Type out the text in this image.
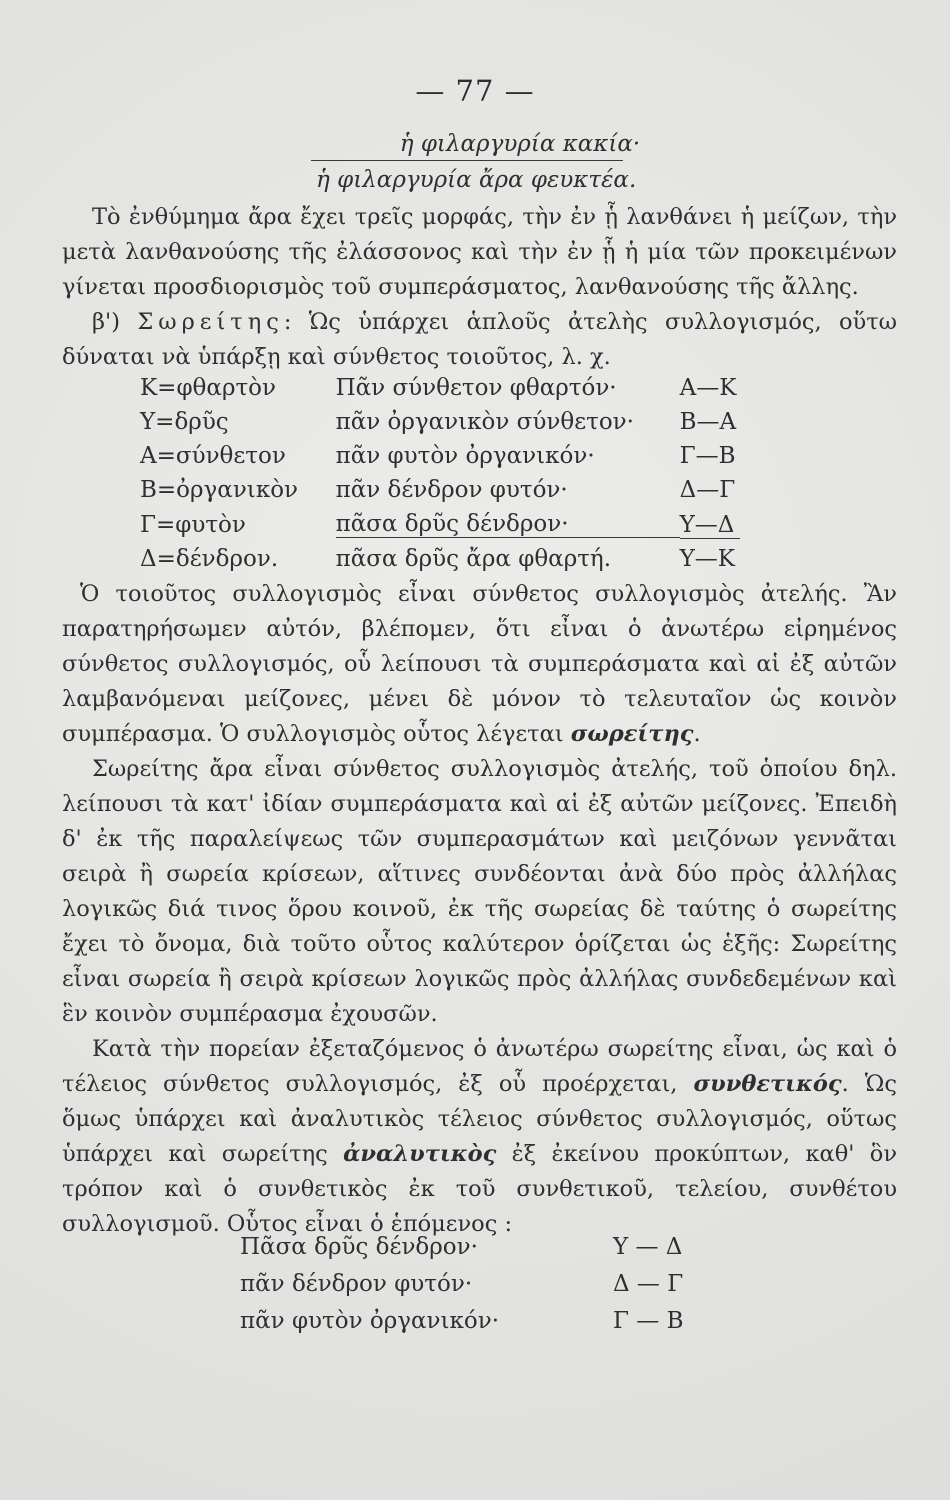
— 77 —
ἡ φιλαργυρία κακία·
ἡ φιλαργυρία ἄρα φευκτέα.

Τὸ ἐνθύμημα ἄρα ἔχει τρεῖς μορφάς, τὴν ἐν ᾗ λανθάνει ἡ μείζων, τὴν μετὰ λανθανούσης τῆς ἐλάσσονος καὶ τὴν ἐν ᾗ ἡ μία τῶν προκειμένων γίνεται προσδιορισμὸς τοῦ συμπεράσματος, λανθανούσης τῆς ἄλλης.

β') Σωρείτης: Ὡς ὑπάρχει ἁπλοῦς ἀτελὴς συλλογισμός, οὕτω δύναται νὰ ὑπάρξῃ καὶ σύνθετος τοιοῦτος, λ. χ.

Κ=φθαρτὸν	Πᾶν σύνθετον φθαρτόν·	Α—Κ
Υ=δρῦς	πᾶν ὀργανικὸν σύνθετον·	Β—Α
Α=σύνθετον	πᾶν φυτὸν ὀργανικόν·	Γ—Β
Β=ὀργανικὸν	πᾶν δένδρον φυτόν·	Δ—Γ
Γ=φυτὸν	πᾶσα δρῦς δένδρον·	Υ—Δ
Δ=δένδρον.	πᾶσα δρῦς ἄρα φθαρτή.	Υ—Κ

Ὁ τοιοῦτος συλλογισμὸς εἶναι σύνθετος συλλογισμὸς ἀτελής. Ἂν παρατηρήσωμεν αὐτόν, βλέπομεν, ὅτι εἶναι ὁ ἀνωτέρω εἰρημένος σύνθετος συλλογισμός, οὗ λείπουσι τὰ συμπεράσματα καὶ αἱ ἐξ αὐτῶν λαμβανόμεναι μείζονες, μένει δὲ μόνον τὸ τελευταῖον ὡς κοινὸν συμπέρασμα. Ὁ συλλογισμὸς οὗτος λέγεται σωρείτης.

Σωρείτης ἄρα εἶναι σύνθετος συλλογισμὸς ἀτελής, τοῦ ὁποίου δηλ. λείπουσι τὰ κατ' ἰδίαν συμπεράσματα καὶ αἱ ἐξ αὐτῶν μείζονες. Ἐπειδὴ δ' ἐκ τῆς παραλείψεως τῶν συμπερασμάτων καὶ μειζόνων γεννᾶται σειρὰ ἢ σωρεία κρίσεων, αἵτινες συνδέονται ἀνὰ δύο πρὸς ἀλλήλας λογικῶς διά τινος ὅρου κοινοῦ, ἐκ τῆς σωρείας δὲ ταύτης ὁ σωρείτης ἔχει τὸ ὄνομα, διὰ τοῦτο οὗτος καλύτερον ὁρίζεται ὡς ἑξῆς: Σωρείτης εἶναι σωρεία ἢ σειρὰ κρίσεων λογικῶς πρὸς ἀλλήλας συνδεδεμένων καὶ ἓν κοινὸν συμπέρασμα ἐχουσῶν.

Κατὰ τὴν πορείαν ἐξεταζόμενος ὁ ἀνωτέρω σωρείτης εἶναι, ὡς καὶ ὁ τέλειος σύνθετος συλλογισμός, ἐξ οὗ προέρχεται, συνθετικός. Ὡς ὅμως ὑπάρχει καὶ ἀναλυτικὸς τέλειος σύνθετος συλλογισμός, οὕτως ὑπάρχει καὶ σωρείτης ἀναλυτικὸς ἐξ ἐκείνου προκύπτων, καθ' ὃν τρόπον καὶ ὁ συνθετικὸς ἐκ τοῦ συνθετικοῦ, τελείου, συνθέτου συλλογισμοῦ. Οὗτος εἶναι ὁ ἑπόμενος :

Πᾶσα δρῦς δένδρον·	Υ — Δ
πᾶν δένδρον φυτόν·	Δ — Γ
πᾶν φυτὸν ὀργανικόν·	Γ — Β
